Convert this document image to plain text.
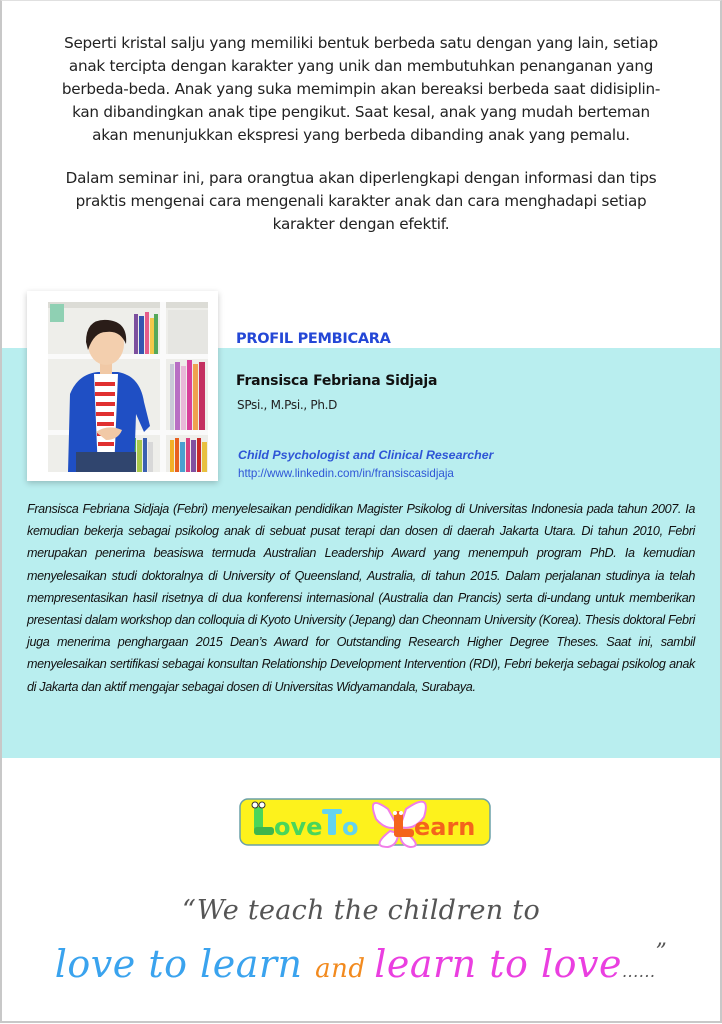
Seperti kristal salju yang memiliki bentuk berbeda satu dengan yang lain, setiap
anak tercipta dengan karakter yang unik dan membutuhkan penanganan yang
berbeda-beda. Anak yang suka memimpin akan bereaksi berbeda saat didisiplin-
kan dibandingkan anak tipe pengikut. Saat kesal, anak yang mudah berteman
akan menunjukkan ekspresi yang berbeda dibanding anak yang pemalu.

Dalam seminar ini, para orangtua akan diperlengkapi dengan informasi dan tips
praktis mengenai cara mengenali karakter anak dan cara menghadapi setiap
karakter dengan efektif.

PROFIL PEMBICARA
Fransisca Febriana Sidjaja
SPsi., M.Psi., Ph.D
Child Psychologist and Clinical Researcher
http://www.linkedin.com/in/fransiscasidjaja
Fransisca Febriana Sidjaja (Febri) menyelesaikan pendidikan Magister Psikolog di Universitas Indonesia pada tahun 2007. Ia kemudian bekerja sebagai psikolog anak di sebuat pusat terapi dan dosen di daerah Jakarta Utara. Di tahun 2010, Febri merupakan penerima beasiswa termuda Australian Leadership Award yang menempuh program PhD. Ia kemudian menyelesaikan studi doktoralnya di University of Queensland, Australia, di tahun 2015. Dalam perjalanan studinya ia telah mempresentasikan hasil risetnya di dua konferensi internasional (Australia dan Prancis) serta di-undang untuk memberikan presentasi dalam workshop dan colloquia di Kyoto University (Jepang) dan Cheonnam University (Korea). Thesis doktoral Febri juga menerima penghargaan 2015 Dean’s Award for Outstanding Research Higher Degree Theses. Saat ini, sambil menyelesaikan sertifikasi sebagai konsultan Relationship Development Intervention (RDI), Febri bekerja sebagai psikolog anak di Jakarta dan aktif mengajar sebagai dosen di Universitas Widyamandala, Surabaya.
ove o earn
“We teach the children to
love to learn and learn to love......”
